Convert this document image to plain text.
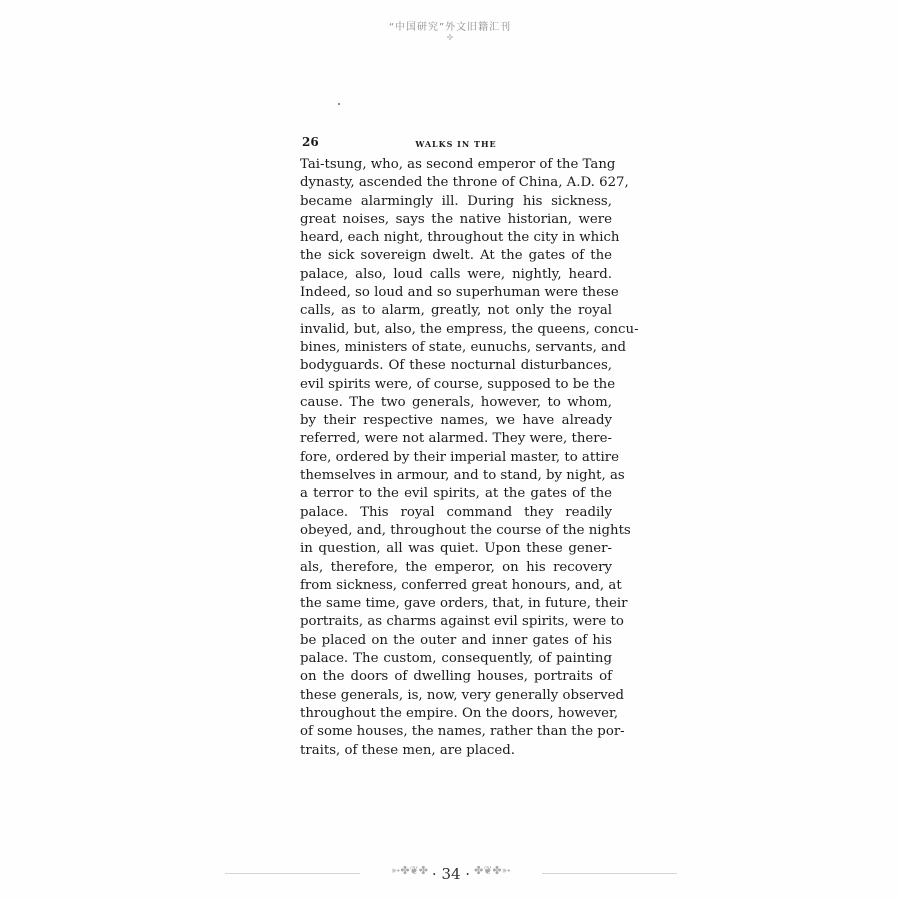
“中国研究”外文旧籍汇刊
✤
26	WALKS IN THE

Tai-tsung, who, as second emperor of the Tang
dynasty, ascended the throne of China, A.D. 627,
became alarmingly ill. During his sickness,
great noises, says the native historian, were
heard, each night, throughout the city in which
the sick sovereign dwelt. At the gates of the
palace, also, loud calls were, nightly, heard.
Indeed, so loud and so superhuman were these
calls, as to alarm, greatly, not only the royal
invalid, but, also, the empress, the queens, concu-
bines, ministers of state, eunuchs, servants, and
bodyguards. Of these nocturnal disturbances,
evil spirits were, of course, supposed to be the
cause. The two generals, however, to whom,
by their respective names, we have already
referred, were not alarmed. They were, there-
fore, ordered by their imperial master, to attire
themselves in armour, and to stand, by night, as
a terror to the evil spirits, at the gates of the
palace. This royal command they readily
obeyed, and, throughout the course of the nights
in question, all was quiet. Upon these gener-
als, therefore, the emperor, on his recovery
from sickness, conferred great honours, and, at
the same time, gave orders, that, in future, their
portraits, as charms against evil spirits, were to
be placed on the outer and inner gates of his
palace. The custom, consequently, of painting
on the doors of dwelling houses, portraits of
these generals, is, now, very generally observed
throughout the empire. On the doors, however,
of some houses, the names, rather than the por-
traits, of these men, are placed.

➳✤❦✤ · 34 · ✤❦✤➳
